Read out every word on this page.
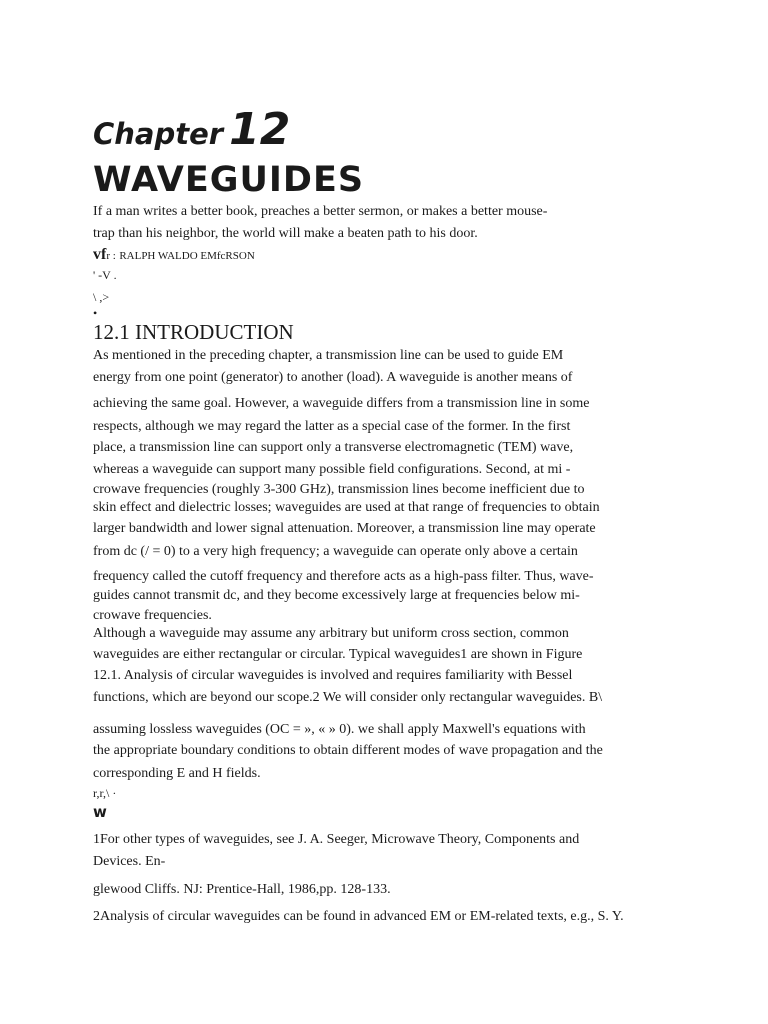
Chapter 12
WAVEGUIDES
If a man writes a better book, preaches a better sermon, or makes a better mouse-
trap than his neighbor, the world will make a beaten path to his door.
vfr : RALPH WALDO EMfcRSON
' -V .
\ ,>
•
12.1 INTRODUCTION
As mentioned in the preceding chapter, a transmission line can be used to guide EM
energy from one point (generator) to another (load). A waveguide is another means of
achieving the same goal. However, a waveguide differs from a transmission line in some
respects, although we may regard the latter as a special case of the former. In the first
place, a transmission line can support only a transverse electromagnetic (TEM) wave,
whereas a waveguide can support many possible field configurations. Second, at mi -
crowave frequencies (roughly 3-300 GHz), transmission lines become inefficient due to
skin effect and dielectric losses; waveguides are used at that range of frequencies to obtain
larger bandwidth and lower signal attenuation. Moreover, a transmission line may operate
from dc (/ = 0) to a very high frequency; a waveguide can operate only above a certain
frequency called the cutoff frequency and therefore acts as a high-pass filter. Thus, wave-
guides cannot transmit dc, and they become excessively large at frequencies below mi-
crowave frequencies.
Although a waveguide may assume any arbitrary but uniform cross section, common
waveguides are either rectangular or circular. Typical waveguides1 are shown in Figure
12.1. Analysis of circular waveguides is involved and requires familiarity with Bessel
functions, which are beyond our scope.2 We will consider only rectangular waveguides. B\
assuming lossless waveguides (OC = », « » 0). we shall apply Maxwell's equations with
the appropriate boundary conditions to obtain different modes of wave propagation and the
corresponding E and H fields.
r,r,\ ·
w
1For other types of waveguides, see J. A. Seeger, Microwave Theory, Components and
Devices. En-
glewood Cliffs. NJ: Prentice-Hall, 1986,pp. 128-133.
2Analysis of circular waveguides can be found in advanced EM or EM-related texts, e.g., S. Y.
